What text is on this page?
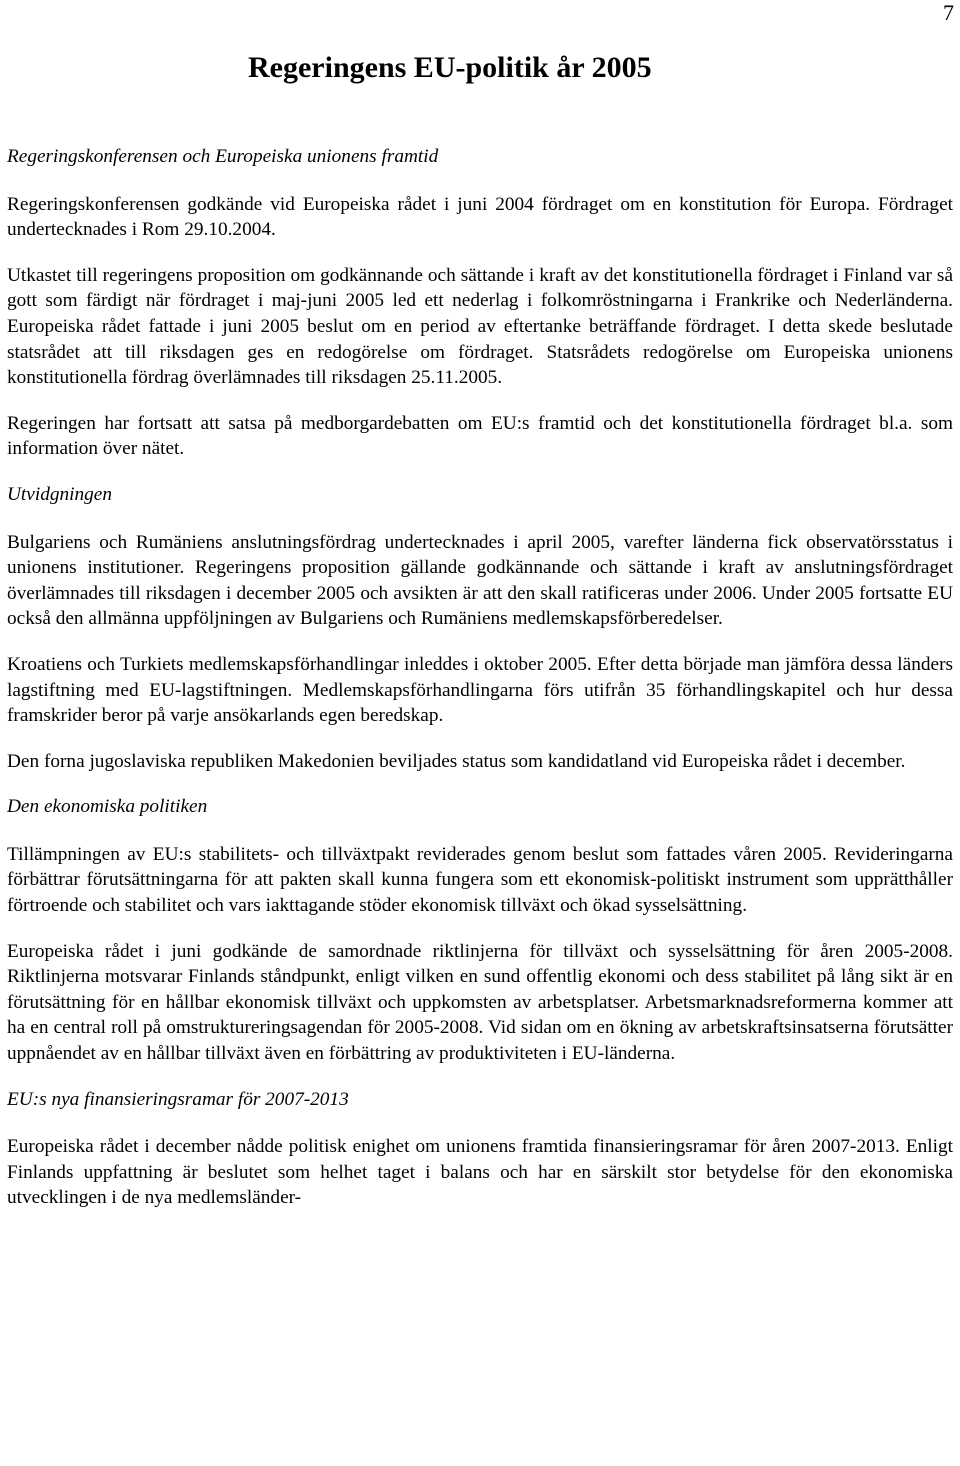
7
Regeringens EU-politik år 2005

Regeringskonferensen och Europeiska unionens framtid

Regeringskonferensen godkände vid Europeiska rådet i juni 2004 fördraget om en konstitution för Europa. Fördraget undertecknades i Rom 29.10.2004.

Utkastet till regeringens proposition om godkännande och sättande i kraft av det konstitutionella fördraget i Finland var så gott som färdigt när fördraget i maj-juni 2005 led ett nederlag i folkomröstningarna i Frankrike och Nederländerna. Europeiska rådet fattade i juni 2005 beslut om en period av eftertanke beträffande fördraget. I detta skede beslutade statsrådet att till riksdagen ges en redogörelse om fördraget. Statsrådets redogörelse om Europeiska unionens konstitutionella fördrag överlämnades till riksdagen 25.11.2005.

Regeringen har fortsatt att satsa på medborgardebatten om EU:s framtid och det konstitutionella fördraget bl.a. som information över nätet.

Utvidgningen

Bulgariens och Rumäniens anslutningsfördrag undertecknades i april 2005, varefter länderna fick observatörsstatus i unionens institutioner. Regeringens proposition gällande godkännande och sättande i kraft av anslutningsfördraget överlämnades till riksdagen i december 2005 och avsikten är att den skall ratificeras under 2006. Under 2005 fortsatte EU också den allmänna uppföljningen av Bulgariens och Rumäniens medlemskapsförberedelser.

Kroatiens och Turkiets medlemskapsförhandlingar inleddes i oktober 2005. Efter detta började man jämföra dessa länders lagstiftning med EU-lagstiftningen. Medlemskapsförhandlingarna förs utifrån 35 förhandlingskapitel och hur dessa framskrider beror på varje ansökarlands egen beredskap.

Den forna jugoslaviska republiken Makedonien beviljades status som kandidatland vid Europeiska rådet i december.

Den ekonomiska politiken

Tillämpningen av EU:s stabilitets- och tillväxtpakt reviderades genom beslut som fattades våren 2005. Revideringarna förbättrar förutsättningarna för att pakten skall kunna fungera som ett ekonomisk-politiskt instrument som upprätthåller förtroende och stabilitet och vars iakttagande stöder ekonomisk tillväxt och ökad sysselsättning.

Europeiska rådet i juni godkände de samordnade riktlinjerna för tillväxt och sysselsättning för åren 2005-2008. Riktlinjerna motsvarar Finlands ståndpunkt, enligt vilken en sund offentlig ekonomi och dess stabilitet på lång sikt är en förutsättning för en hållbar ekonomisk tillväxt och uppkomsten av arbetsplatser. Arbetsmarknadsreformerna kommer att ha en central roll på omstruktureringsagendan för 2005-2008. Vid sidan om en ökning av arbetskraftsinsatserna förutsätter uppnåendet av en hållbar tillväxt även en förbättring av produktiviteten i EU-länderna.

EU:s nya finansieringsramar för 2007-2013

Europeiska rådet i december nådde politisk enighet om unionens framtida finansieringsramar för åren 2007-2013. Enligt Finlands uppfattning är beslutet som helhet taget i balans och har en särskilt stor betydelse för den ekonomiska utvecklingen i de nya medlemsländer-
